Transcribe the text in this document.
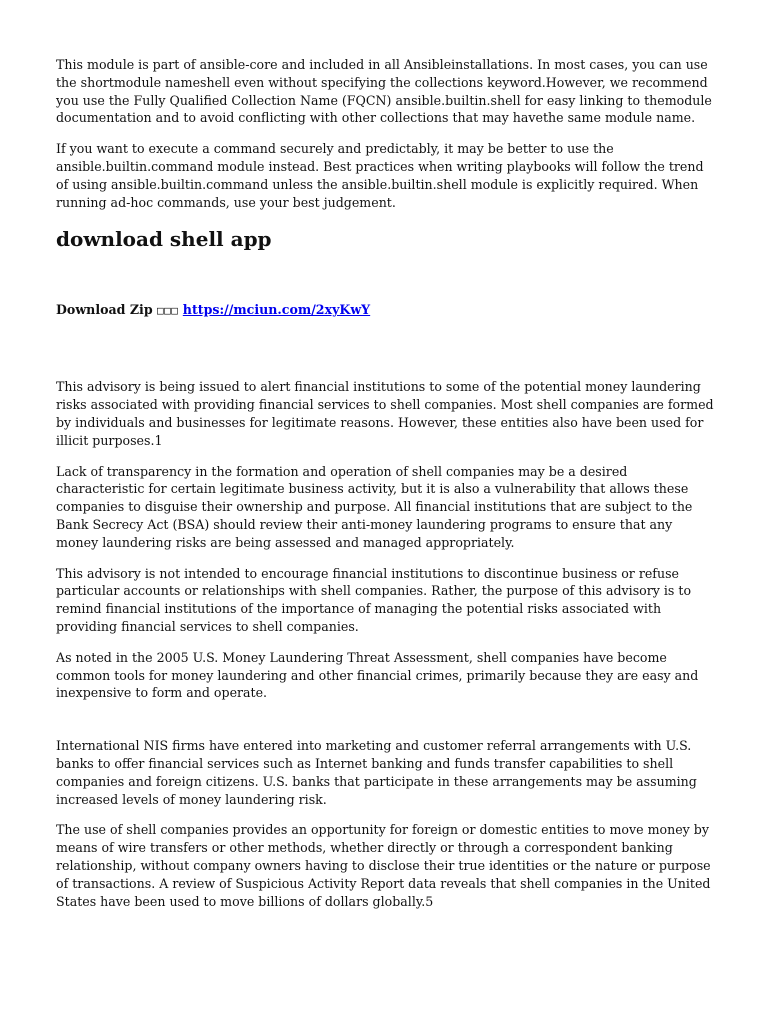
This module is part of ansible-core and included in all Ansibleinstallations. In most cases, you can use the shortmodule nameshell even without specifying the collections keyword.However, we recommend you use the Fully Qualified Collection Name (FQCN) ansible.builtin.shell for easy linking to themodule documentation and to avoid conflicting with other collections that may havethe same module name.

If you want to execute a command securely and predictably, it may be better to use the ansible.builtin.command module instead. Best practices when writing playbooks will follow the trend of using ansible.builtin.command unless the ansible.builtin.shell module is explicitly required. When running ad-hoc commands, use your best judgement.

download shell app
Download Zip □□□ https://mciun.com/2xyKwY

This advisory is being issued to alert financial institutions to some of the potential money laundering risks associated with providing financial services to shell companies. Most shell companies are formed by individuals and businesses for legitimate reasons. However, these entities also have been used for illicit purposes.1

Lack of transparency in the formation and operation of shell companies may be a desired characteristic for certain legitimate business activity, but it is also a vulnerability that allows these companies to disguise their ownership and purpose. All financial institutions that are subject to the Bank Secrecy Act (BSA) should review their anti-money laundering programs to ensure that any money laundering risks are being assessed and managed appropriately.

This advisory is not intended to encourage financial institutions to discontinue business or refuse particular accounts or relationships with shell companies. Rather, the purpose of this advisory is to remind financial institutions of the importance of managing the potential risks associated with providing financial services to shell companies.

As noted in the 2005 U.S. Money Laundering Threat Assessment, shell companies have become common tools for money laundering and other financial crimes, primarily because they are easy and inexpensive to form and operate.

International NIS firms have entered into marketing and customer referral arrangements with U.S. banks to offer financial services such as Internet banking and funds transfer capabilities to shell companies and foreign citizens. U.S. banks that participate in these arrangements may be assuming increased levels of money laundering risk.

The use of shell companies provides an opportunity for foreign or domestic entities to move money by means of wire transfers or other methods, whether directly or through a correspondent banking relationship, without company owners having to disclose their true identities or the nature or purpose of transactions. A review of Suspicious Activity Report data reveals that shell companies in the United States have been used to move billions of dollars globally.5
